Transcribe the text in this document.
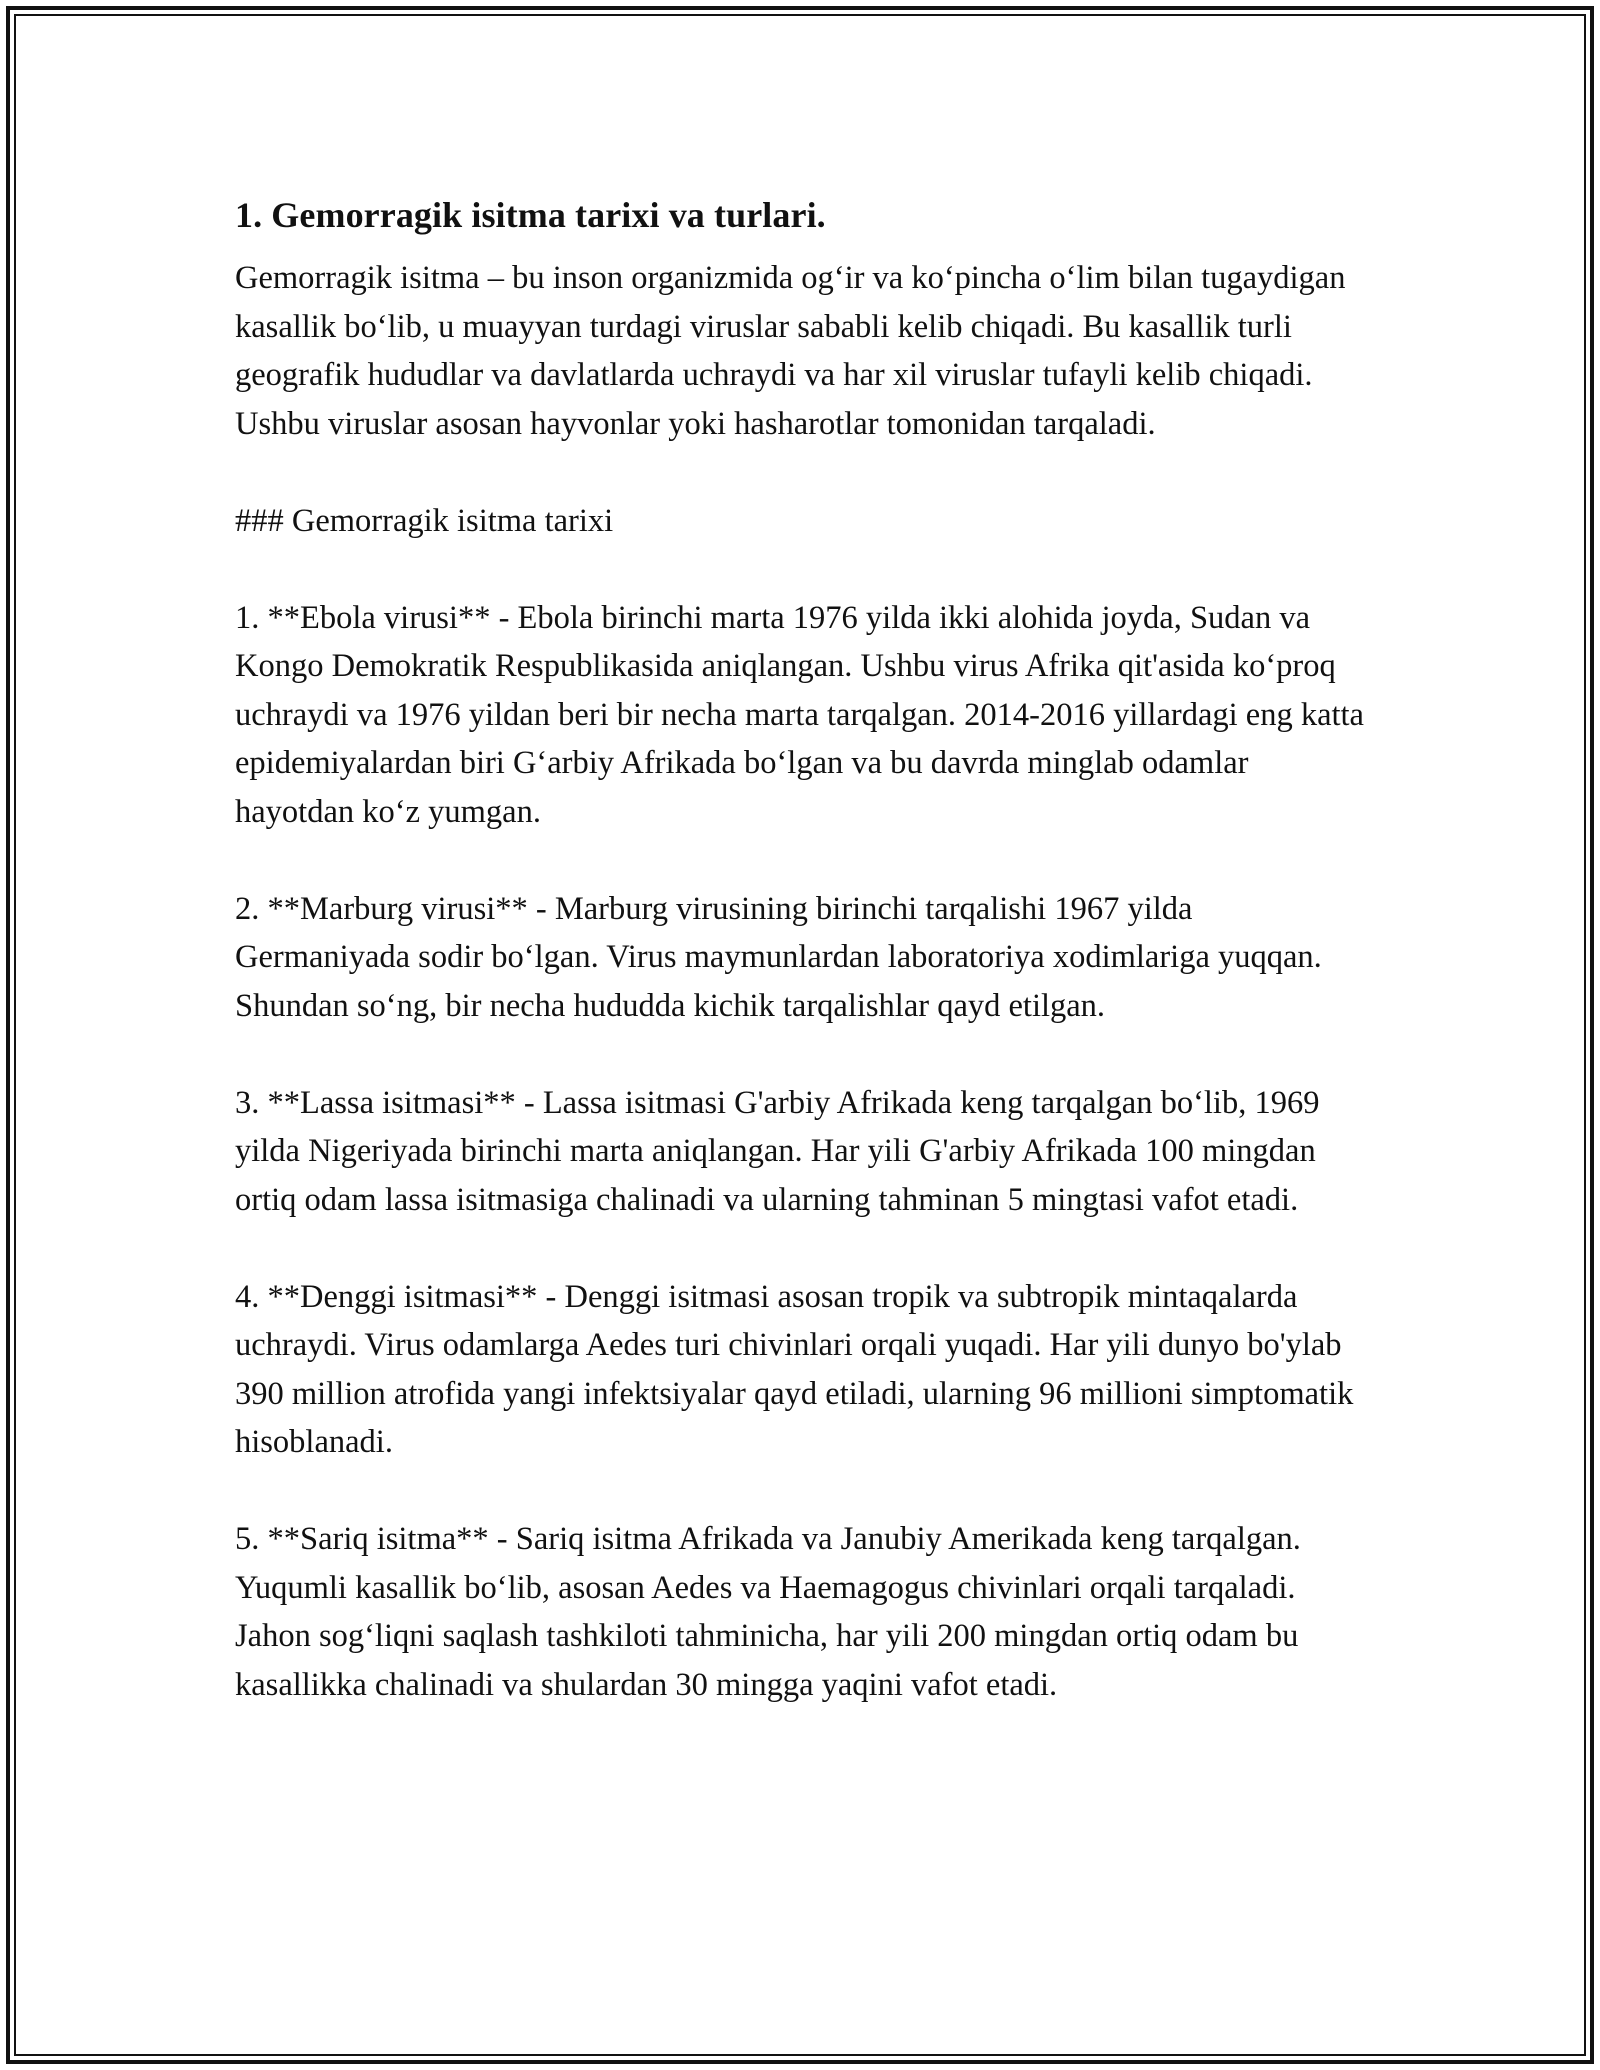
1. Gemorragik isitma tarixi va turlari.

Gemorragik isitma – bu inson organizmida og‘ir va ko‘pincha o‘lim bilan tugaydigan kasallik bo‘lib, u muayyan turdagi viruslar sababli kelib chiqadi. Bu kasallik turli geografik hududlar va davlatlarda uchraydi va har xil viruslar tufayli kelib chiqadi. Ushbu viruslar asosan hayvonlar yoki hasharotlar tomonidan tarqaladi.

### Gemorragik isitma tarixi

1. **Ebola virusi** - Ebola birinchi marta 1976 yilda ikki alohida joyda, Sudan va Kongo Demokratik Respublikasida aniqlangan. Ushbu virus Afrika qit'asida ko‘proq uchraydi va 1976 yildan beri bir necha marta tarqalgan. 2014-2016 yillardagi eng katta epidemiyalardan biri G‘arbiy Afrikada bo‘lgan va bu davrda minglab odamlar hayotdan ko‘z yumgan.

2. **Marburg virusi** - Marburg virusining birinchi tarqalishi 1967 yilda Germaniyada sodir bo‘lgan. Virus maymunlardan laboratoriya xodimlariga yuqqan. Shundan so‘ng, bir necha hududda kichik tarqalishlar qayd etilgan.

3. **Lassa isitmasi** - Lassa isitmasi G'arbiy Afrikada keng tarqalgan bo‘lib, 1969 yilda Nigeriyada birinchi marta aniqlangan. Har yili G'arbiy Afrikada 100 mingdan ortiq odam lassa isitmasiga chalinadi va ularning tahminan 5 mingtasi vafot etadi.

4. **Denggi isitmasi** - Denggi isitmasi asosan tropik va subtropik mintaqalarda uchraydi. Virus odamlarga Aedes turi chivinlari orqali yuqadi. Har yili dunyo bo'ylab 390 million atrofida yangi infektsiyalar qayd etiladi, ularning 96 millioni simptomatik hisoblanadi.

5. **Sariq isitma** - Sariq isitma Afrikada va Janubiy Amerikada keng tarqalgan. Yuqumli kasallik bo‘lib, asosan Aedes va Haemagogus chivinlari orqali tarqaladi. Jahon sog‘liqni saqlash tashkiloti tahminicha, har yili 200 mingdan ortiq odam bu kasallikka chalinadi va shulardan 30 mingga yaqini vafot etadi.
